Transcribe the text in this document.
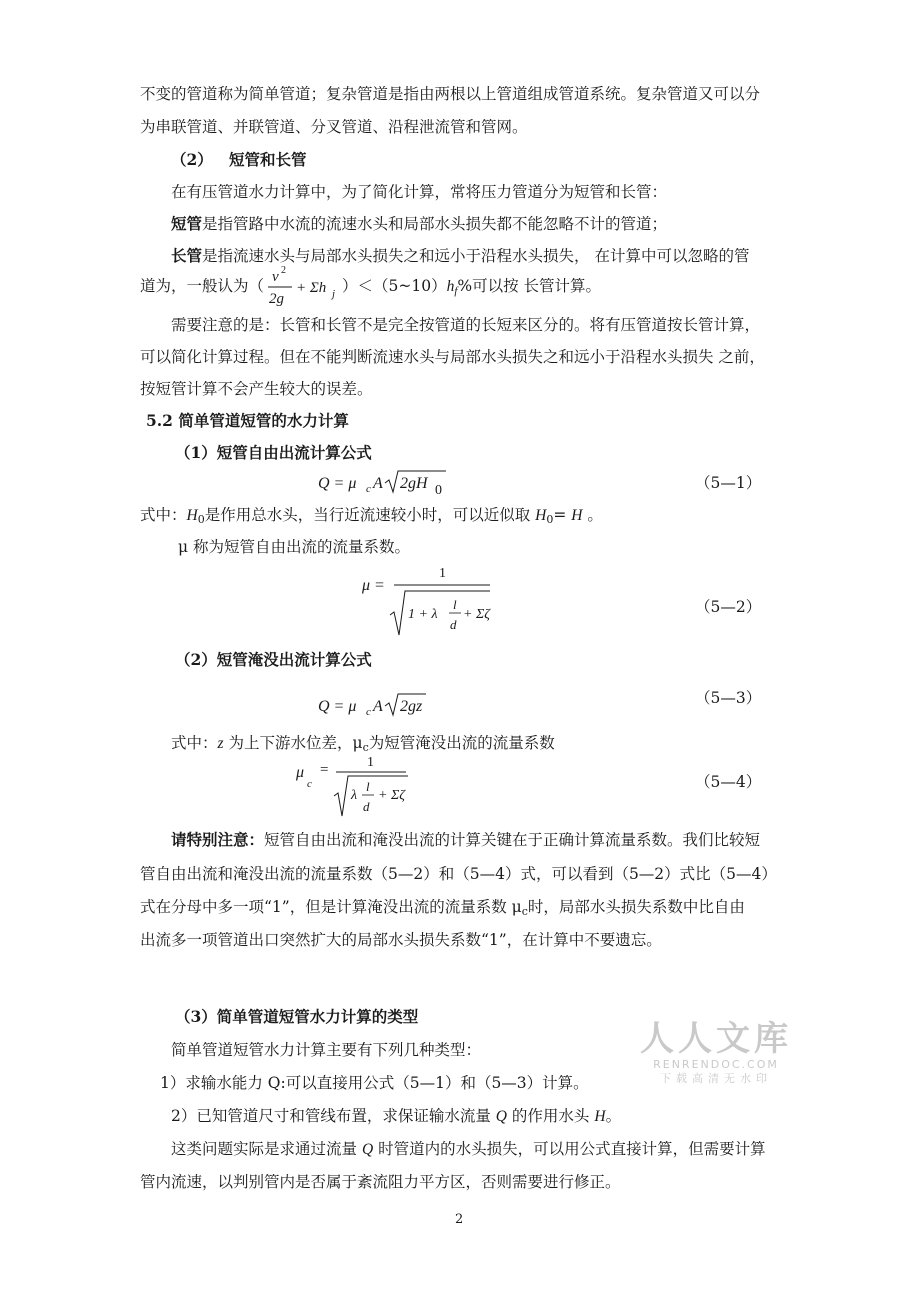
不变的管道称为简单管道；复杂管道是指由两根以上管道组成管道系统。复杂管道又可以分
为串联管道、并联管道、分叉管道、沿程泄流管和管网。
（2） 短管和长管
在有压管道水力计算中，为了简化计算，常将压力管道分为短管和长管：
短管是指管路中水流的流速水头和局部水头损失都不能忽略不计的管道；
长管是指流速水头与局部水头损失之和远小于沿程水头损失， 在计算中可以忽略的管
道为，一般认为（ v 2
2g
+ Σh j ）$<(5\sim 10)h_f\%$可以按 长管计算。
需要注意的是：长管和长管不是完全按管道的长短来区分的。将有压管道按长管计算，
可以简化计算过程。但在不能判断流速水头与局部水头损失之和远小于沿程水头损失 之前，
按短管计算不会产生较大的误差。
5.2 简单管道短管的水力计算
（1）短管自由出流计算公式
Q = μ c A 2gH 0	（5—1）
式中：$H_0$是作用总水头，当行近流速较小时，可以近似取 $H_0= H$ 。
μ 称为短管自由出流的流量系数。
μ =
1
1 + λ
l
d
+ Σζ	（5—2）
（2）短管淹没出流计算公式
Q = μ c A 2gz	（5—3）
式中：z 为上下游水位差，$\mu_c$为短管淹没出流的流量系数
μ
c
=	1
λ
l
d
+ Σζ
（5—4）
请特别注意：短管自由出流和淹没出流的计算关键在于正确计算流量系数。我们比较短
管自由出流和淹没出流的流量系数（5—2）和（5—4）式，可以看到（5—2）式比（5—4）
式在分母中多一项“1”，但是计算淹没出流的流量系数 $\mu_c$时，局部水头损失系数中比自由
出流多一项管道出口突然扩大的局部水头损失系数“1”，在计算中不要遗忘。
（3）简单管道短管水力计算的类型
简单管道短管水力计算主要有下列几种类型：
1）求输水能力 Q:可以直接用公式（5—1）和（5—3）计算。
2）已知管道尺寸和管线布置，求保证输水流量 Q 的作用水头 H。
这类问题实际是求通过流量 Q 时管道内的水头损失，可以用公式直接计算，但需要计算
管内流速，以判别管内是否属于紊流阻力平方区，否则需要进行修正。
人人文库
RENRENDOC.COM
下载高清无水印
2
